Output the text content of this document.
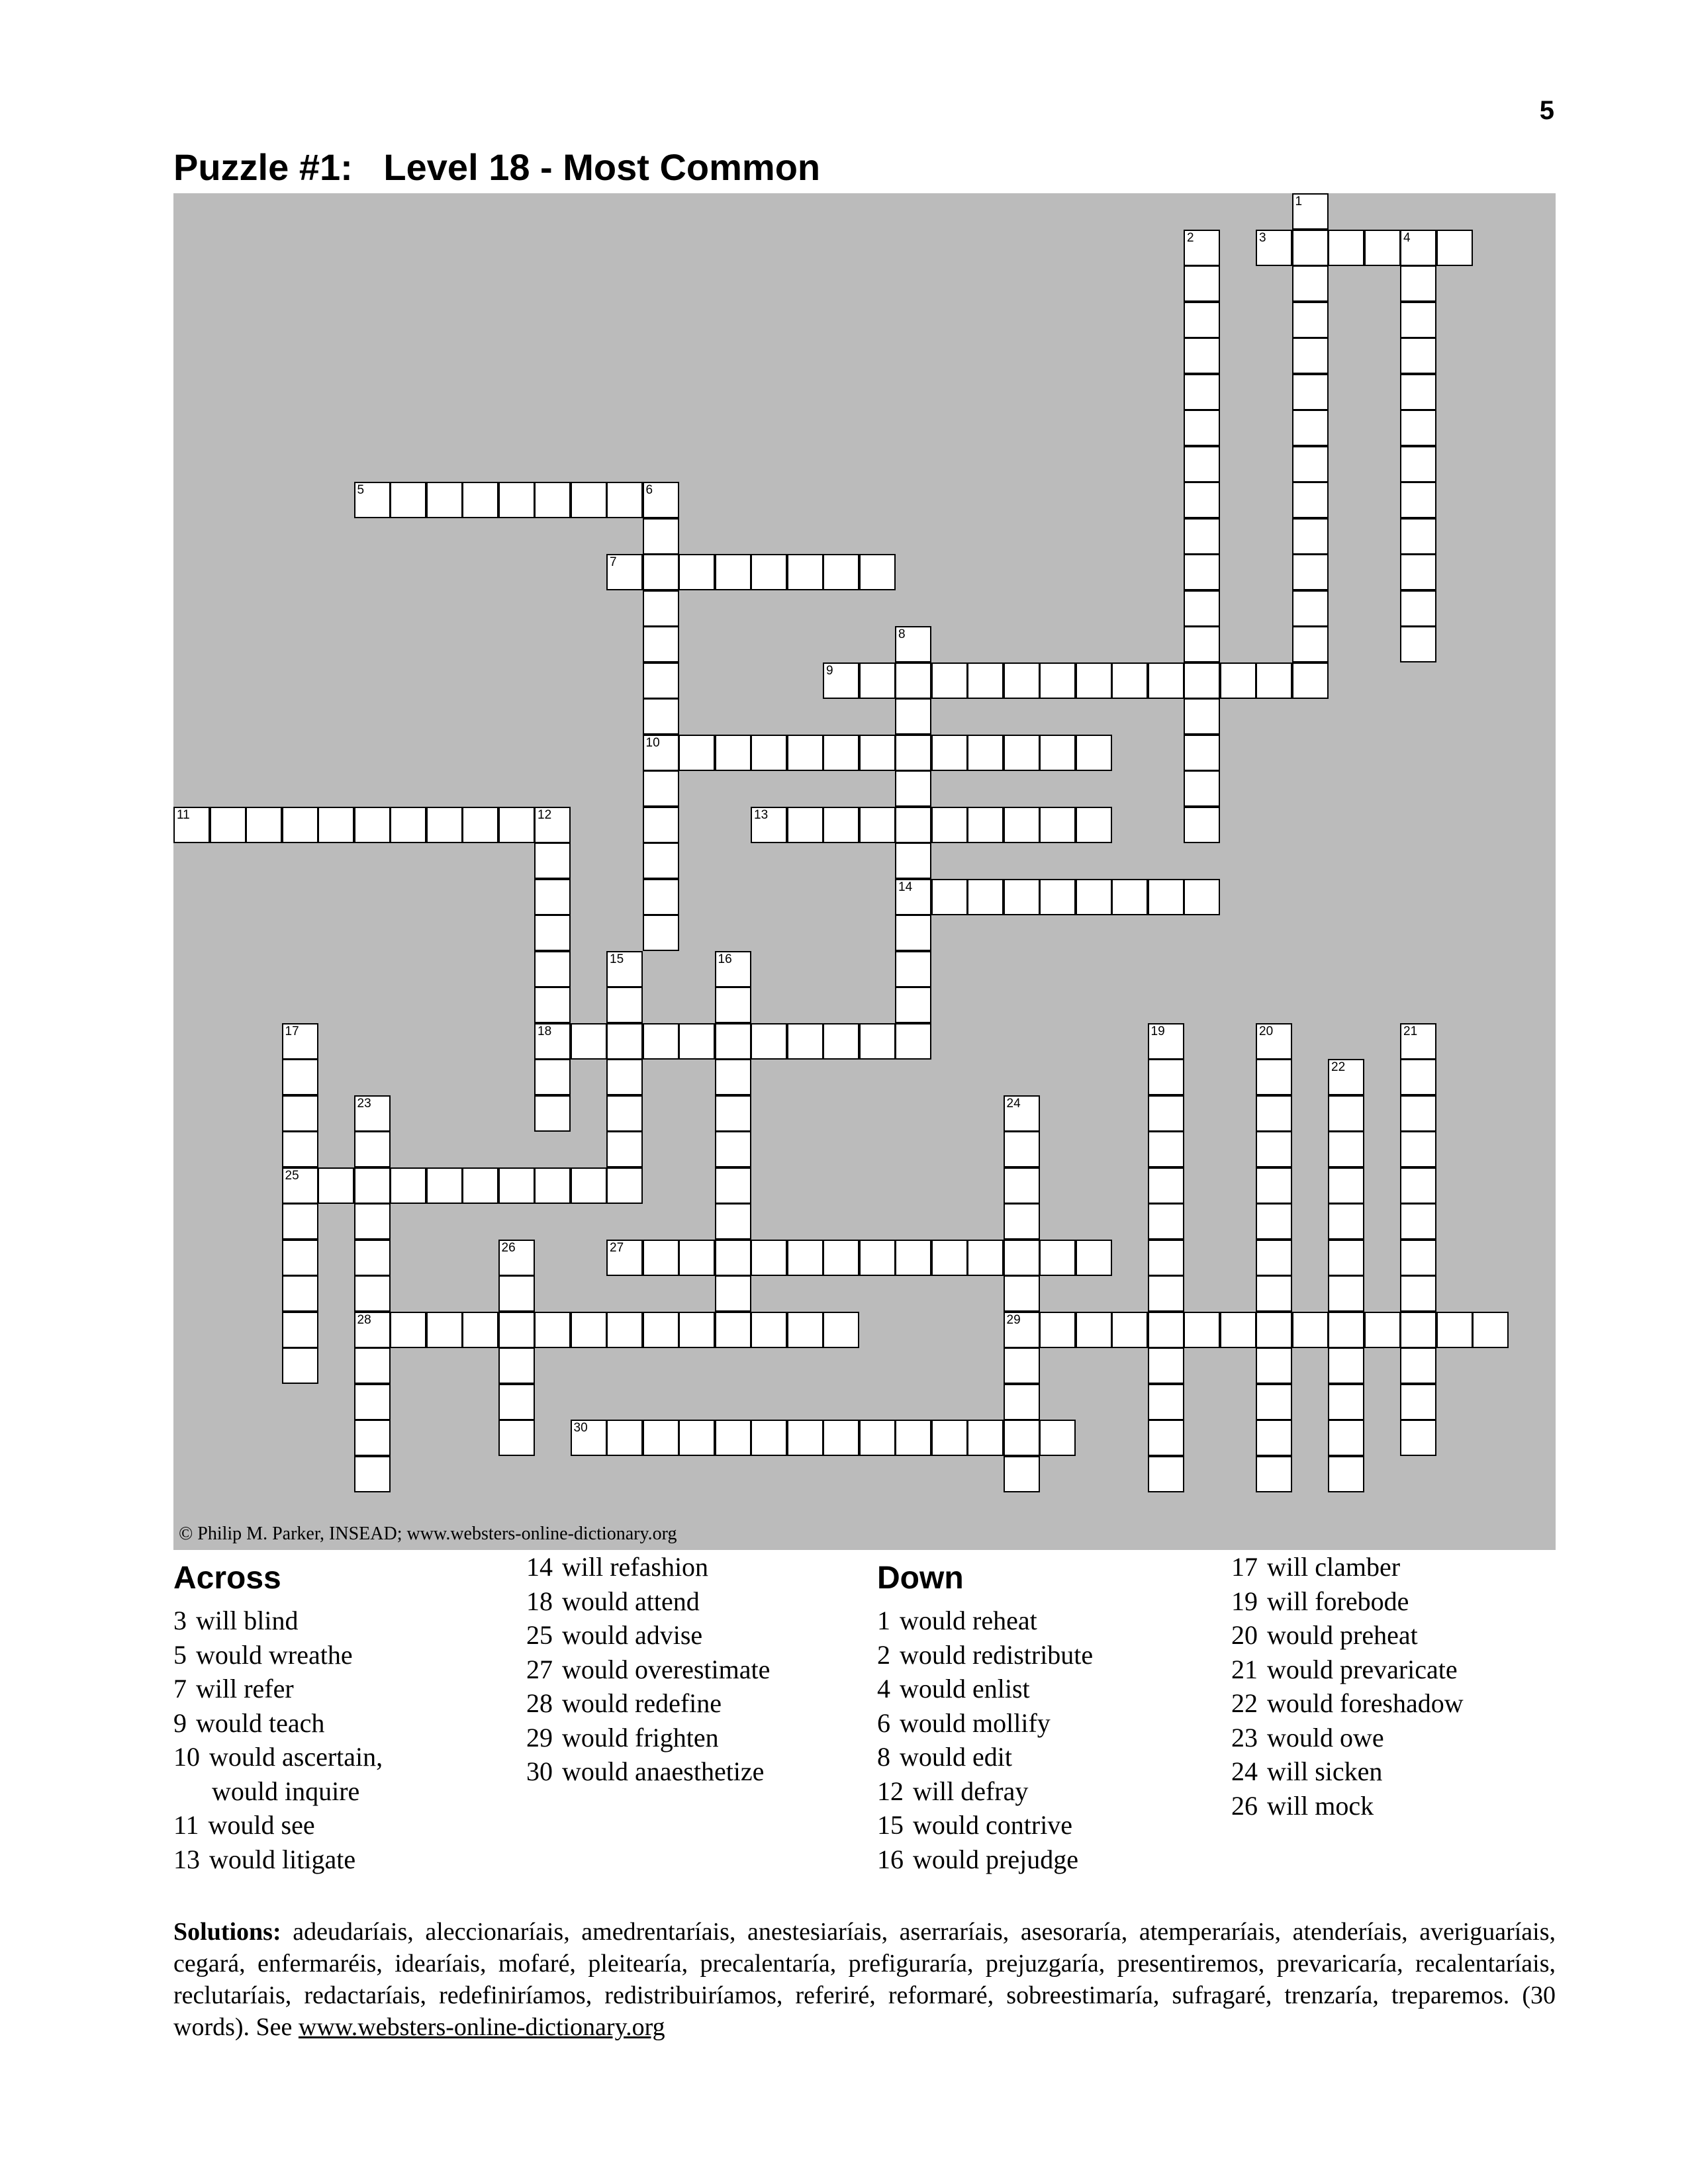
5
Puzzle #1:   Level 18 - Most Common
1
2	3	4
5	6
10
7
8
14
9
11	12
18
13
15	16
17
25
19	20	21
22
23
28
24
29
26	27
30
© Philip M. Parker, INSEAD; www.websters-online-dictionary.org
Across
3 will blind
5 would wreathe
7 will refer
9 would teach
10 would ascertain,
would inquire
11 would see
13 would litigate
14 will refashion
18 would attend
25 would advise
27 would overestimate
28 would redefine
29 would frighten
30 would anaesthetize
Down
1 would reheat
2 would redistribute
4 would enlist
6 would mollify
8 would edit
12 will defray
15 would contrive
16 would prejudge
17 will clamber
19 will forebode
20 would preheat
21 would prevaricate
22 would foreshadow
23 would owe
24 will sicken
26 will mock
Solutions: adeudaríais, aleccionaríais, amedrentaríais, anestesiaríais, aserraríais, asesoraría, atemperaríais, atenderíais, averiguaríais, cegará, enfermaréis, idearíais, mofaré, pleitearía, precalentaría, prefiguraría, prejuzgaría, presentiremos, prevaricaría, recalentaríais, reclutaríais, redactaríais, redefiniríamos, redistribuiríamos, referiré, reformaré, sobreestimaría, sufragaré, trenzaría, treparemos. (30 words). See www.websters-online-dictionary.org
